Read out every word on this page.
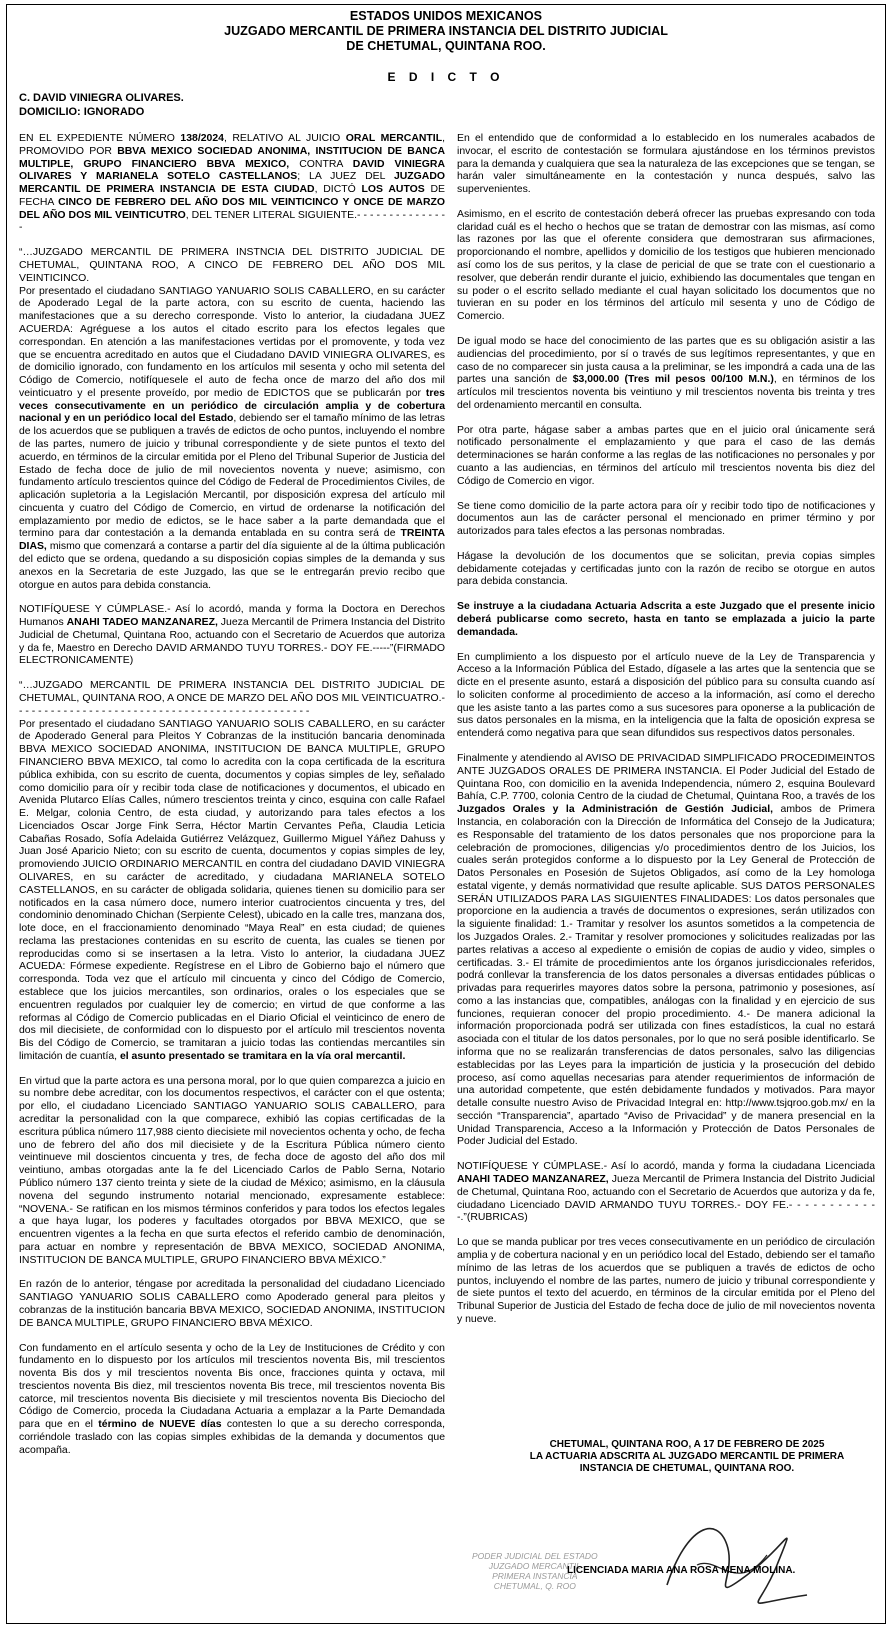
ESTADOS UNIDOS MEXICANOS
JUZGADO MERCANTIL DE PRIMERA INSTANCIA DEL DISTRITO JUDICIAL
DE CHETUMAL, QUINTANA ROO.
E D I C T O
C. DAVID VINIEGRA OLIVARES.
DOMICILIO: IGNORADO

EN EL EXPEDIENTE NÚMERO 138/2024, RELATIVO AL JUICIO ORAL MERCANTIL, PROMOVIDO POR BBVA MEXICO SOCIEDAD ANONIMA, INSTITUCION DE BANCA MULTIPLE, GRUPO FINANCIERO BBVA MEXICO, CONTRA DAVID VINIEGRA OLIVARES Y MARIANELA SOTELO CASTELLANOS; LA JUEZ DEL JUZGADO MERCANTIL DE PRIMERA INSTANCIA DE ESTA CIUDAD, DICTÓ LOS AUTOS DE FECHA CINCO DE FEBRERO DEL AÑO DOS MIL VEINTICINCO Y ONCE DE MARZO DEL AÑO DOS MIL VEINTICUTRO, DEL TENER LITERAL SIGUIENTE.- - - - - - - - - - - - - - -

“…JUZGADO MERCANTIL DE PRIMERA INSTNCIA DEL DISTRITO JUDICIAL DE CHETUMAL, QUINTANA ROO, A CINCO DE FEBRERO DEL AÑO DOS MIL VEINTICINCO.

Por presentado el ciudadano SANTIAGO YANUARIO SOLIS CABALLERO, en su carácter de Apoderado Legal de la parte actora, con su escrito de cuenta, haciendo las manifestaciones que a su derecho corresponde. Visto lo anterior, la ciudadana JUEZ ACUERDA: Agréguese a los autos el citado escrito para los efectos legales que correspondan. En atención a las manifestaciones vertidas por el promovente, y toda vez que se encuentra acreditado en autos que el Ciudadano DAVID VINIEGRA OLIVARES, es de domicilio ignorado, con fundamento en los artículos mil sesenta y ocho mil setenta del Código de Comercio, notifíquesele el auto de fecha once de marzo del año dos mil veinticuatro y el presente proveído, por medio de EDICTOS que se publicarán por tres veces consecutivamente en un periódico de circulación amplia y de cobertura nacional y en un periódico local del Estado, debiendo ser el tamaño mínimo de las letras de los acuerdos que se publiquen a través de edictos de ocho puntos, incluyendo el nombre de las partes, numero de juicio y tribunal correspondiente y de siete puntos el texto del acuerdo, en términos de la circular emitida por el Pleno del Tribunal Superior de Justicia del Estado de fecha doce de julio de mil novecientos noventa y nueve; asimismo, con fundamento artículo trescientos quince del Código de Federal de Procedimientos Civiles, de aplicación supletoria a la Legislación Mercantil, por disposición expresa del artículo mil cincuenta y cuatro del Código de Comercio, en virtud de ordenarse la notificación del emplazamiento por medio de edictos, se le hace saber a la parte demandada que el termino para dar contestación a la demanda entablada en su contra será de TREINTA DIAS, mismo que comenzará a contarse a partir del día siguiente al de la última publicación del edicto que se ordena, quedando a su disposición copias simples de la demanda y sus anexos en la Secretaria de este Juzgado, las que se le entregarán previo recibo que otorgue en autos para debida constancia.

NOTIFÍQUESE Y CÚMPLASE.- Así lo acordó, manda y forma la Doctora en Derechos Humanos ANAHI TADEO MANZANAREZ, Jueza Mercantil de Primera Instancia del Distrito Judicial de Chetumal, Quintana Roo, actuando con el Secretario de Acuerdos que autoriza y da fe, Maestro en Derecho DAVID ARMANDO TUYU TORRES.- DOY FE.-----”(FIRMADO ELECTRONICAMENTE)

“…JUZGADO MERCANTIL DE PRIMERA INSTANCIA DEL DISTRITO JUDICIAL DE CHETUMAL, QUINTANA ROO, A ONCE DE MARZO DEL AÑO DOS MIL VEINTICUATRO.- - - - - - - - - - - - - - - - - - - - - - - - - - - - - - - - - - - - - - - - - - - - - - -

Por presentado el ciudadano SANTIAGO YANUARIO SOLIS CABALLERO, en su carácter de Apoderado General para Pleitos Y Cobranzas de la institución bancaria denominada BBVA MEXICO SOCIEDAD ANONIMA, INSTITUCION DE BANCA MULTIPLE, GRUPO FINANCIERO BBVA MEXICO, tal como lo acredita con la copa certificada de la escritura pública exhibida, con su escrito de cuenta, documentos y copias simples de ley, señalado como domicilio para oír y recibir toda clase de notificaciones y documentos, el ubicado en Avenida Plutarco Elías Calles, número trescientos treinta y cinco, esquina con calle Rafael E. Melgar, colonia Centro, de esta ciudad, y autorizando para tales efectos a los Licenciados Oscar Jorge Fink Serra, Héctor Martin Cervantes Peña, Claudia Leticia Cabañas Rosado, Sofía Adelaida Gutiérrez Velázquez, Guillermo Miguel Yáñez Dahuss y Juan José Aparicio Nieto; con su escrito de cuenta, documentos y copias simples de ley, promoviendo JUICIO ORDINARIO MERCANTIL en contra del ciudadano DAVID VINIEGRA OLIVARES, en su carácter de acreditado, y ciudadana MARIANELA SOTELO CASTELLANOS, en su carácter de obligada solidaria, quienes tienen su domicilio para ser notificados en la casa número doce, numero interior cuatrocientos cincuenta y tres, del condominio denominado Chichan (Serpiente Celest), ubicado en la calle tres, manzana dos, lote doce, en el fraccionamiento denominado “Maya Real” en esta ciudad; de quienes reclama las prestaciones contenidas en su escrito de cuenta, las cuales se tienen por reproducidas como si se insertasen a la letra. Visto lo anterior, la ciudadana JUEZ ACUEDA: Fórmese expediente. Regístrese en el Libro de Gobierno bajo el número que corresponda. Toda vez que el artículo mil cincuenta y cinco del Código de Comercio, establece que los juicios mercantiles, son ordinarios, orales o los especiales que se encuentren regulados por cualquier ley de comercio; en virtud de que conforme a las reformas al Código de Comercio publicadas en el Diario Oficial el veinticinco de enero de dos mil diecisiete, de conformidad con lo dispuesto por el artículo mil trescientos noventa Bis del Código de Comercio, se tramitaran a juicio todas las contiendas mercantiles sin limitación de cuantía, el asunto presentado se tramitara en la vía oral mercantil.

En virtud que la parte actora es una persona moral, por lo que quien comparezca a juicio en su nombre debe acreditar, con los documentos respectivos, el carácter con el que ostenta; por ello, el ciudadano Licenciado SANTIAGO YANUARIO SOLIS CABALLERO, para acreditar la personalidad con la que comparece, exhibió las copias certificadas de la escritura pública número 117,988 ciento diecisiete mil novecientos ochenta y ocho, de fecha uno de febrero del año dos mil diecisiete y de la Escritura Pública número ciento veintinueve mil doscientos cincuenta y tres, de fecha doce de agosto del año dos mil veintiuno, ambas otorgadas ante la fe del Licenciado Carlos de Pablo Serna, Notario Público número 137 ciento treinta y siete de la ciudad de México; asimismo, en la cláusula novena del segundo instrumento notarial mencionado, expresamente establece: “NOVENA.- Se ratifican en los mismos términos conferidos y para todos los efectos legales a que haya lugar, los poderes y facultades otorgados por BBVA MEXICO, que se encuentren vigentes a la fecha en que surta efectos el referido cambio de denominación, para actuar en nombre y representación de BBVA MEXICO, SOCIEDAD ANONIMA, INSTITUCION DE BANCA MULTIPLE, GRUPO FINANCIERO BBVA MÉXICO.”

En razón de lo anterior, téngase por acreditada la personalidad del ciudadano Licenciado SANTIAGO YANUARIO SOLIS CABALLERO como Apoderado general para pleitos y cobranzas de la institución bancaria BBVA MEXICO, SOCIEDAD ANONIMA, INSTITUCION DE BANCA MULTIPLE, GRUPO FINANCIERO BBVA MÉXICO.

Con fundamento en el artículo sesenta y ocho de la Ley de Instituciones de Crédito y con fundamento en lo dispuesto por los artículos mil trescientos noventa Bis, mil trescientos noventa Bis dos y mil trescientos noventa Bis once, fracciones quinta y octava, mil trescientos noventa Bis diez, mil trescientos noventa Bis trece, mil trescientos noventa Bis catorce, mil trescientos noventa Bis diecisiete y mil trescientos noventa Bis Dieciocho del Código de Comercio, proceda la Ciudadana Actuaria a emplazar a la Parte Demandada para que en el término de NUEVE días contesten lo que a su derecho corresponda, corriéndole traslado con las copias simples exhibidas de la demanda y documentos que acompaña.

En el entendido que de conformidad a lo establecido en los numerales acabados de invocar, el escrito de contestación se formulara ajustándose en los términos previstos para la demanda y cualquiera que sea la naturaleza de las excepciones que se tengan, se harán valer simultáneamente en la contestación y nunca después, salvo las supervenientes.

Asimismo, en el escrito de contestación deberá ofrecer las pruebas expresando con toda claridad cuál es el hecho o hechos que se tratan de demostrar con las mismas, así como las razones por las que el oferente considera que demostraran sus afirmaciones, proporcionando el nombre, apellidos y domicilio de los testigos que hubieren mencionado así como los de sus peritos, y la clase de pericial de que se trate con el cuestionario a resolver, que deberán rendir durante el juicio, exhibiendo las documentales que tengan en su poder o el escrito sellado mediante el cual hayan solicitado los documentos que no tuvieran en su poder en los términos del artículo mil sesenta y uno de Código de Comercio.

De igual modo se hace del conocimiento de las partes que es su obligación asistir a las audiencias del procedimiento, por sí o través de sus legítimos representantes, y que en caso de no comparecer sin justa causa a la preliminar, se les impondrá a cada una de las partes una sanción de $3,000.00 (Tres mil pesos 00/100 M.N.), en términos de los artículos mil trescientos noventa bis veintiuno y mil trescientos noventa bis treinta y tres del ordenamiento mercantil en consulta.

Por otra parte, hágase saber a ambas partes que en el juicio oral únicamente será notificado personalmente el emplazamiento y que para el caso de las demás determinaciones se harán conforme a las reglas de las notificaciones no personales y por cuanto a las audiencias, en términos del artículo mil trescientos noventa bis diez del Código de Comercio en vigor.

Se tiene como domicilio de la parte actora para oír y recibir todo tipo de notificaciones y documentos aun las de carácter personal el mencionado en primer término y por autorizados para tales efectos a las personas nombradas.

Hágase la devolución de los documentos que se solicitan, previa copias simples debidamente cotejadas y certificadas junto con la razón de recibo se otorgue en autos para debida constancia.

Se instruye a la ciudadana Actuaria Adscrita a este Juzgado que el presente inicio deberá publicarse como secreto, hasta en tanto se emplazada a juicio la parte demandada.

En cumplimiento a los dispuesto por el artículo nueve de la Ley de Transparencia y Acceso a la Información Pública del Estado, dígasele a las artes que la sentencia que se dicte en el presente asunto, estará a disposición del público para su consulta cuando así lo soliciten conforme al procedimiento de acceso a la información, así como el derecho que les asiste tanto a las partes como a sus sucesores para oponerse a la publicación de sus datos personales en la misma, en la inteligencia que la falta de oposición expresa se entenderá como negativa para que sean difundidos sus respectivos datos personales.

Finalmente y atendiendo al AVISO DE PRIVACIDAD SIMPLIFICADO PROCEDIMEINTOS ANTE JUZGADOS ORALES DE PRIMERA INSTANCIA. El Poder Judicial del Estado de Quintana Roo, con domicilio en la avenida Independencia, número 2, esquina Boulevard Bahía, C.P. 7700, colonia Centro de la ciudad de Chetumal, Quintana Roo, a través de los Juzgados Orales y la Administración de Gestión Judicial, ambos de Primera Instancia, en colaboración con la Dirección de Informática del Consejo de la Judicatura; es Responsable del tratamiento de los datos personales que nos proporcione para la celebración de promociones, diligencias y/o procedimientos dentro de los Juicios, los cuales serán protegidos conforme a lo dispuesto por la Ley General de Protección de Datos Personales en Posesión de Sujetos Obligados, así como de la Ley homologa estatal vigente, y demás normatividad que resulte aplicable. SUS DATOS PERSONALES SERÁN UTILIZADOS PARA LAS SIGUIENTES FINALIDADES: Los datos personales que proporcione en la audiencia a través de documentos o expresiones, serán utilizados con la siguiente finalidad: 1.- Tramitar y resolver los asuntos sometidos a la competencia de los Juzgados Orales. 2.- Tramitar y resolver promociones y solicitudes realizadas por las partes relativas a acceso al expediente o emisión de copias de audio y video, simples o certificadas. 3.- El trámite de procedimientos ante los órganos jurisdiccionales referidos, podrá conllevar la transferencia de los datos personales a diversas entidades públicas o privadas para requerirles mayores datos sobre la persona, patrimonio y posesiones, así como a las instancias que, compatibles, análogas con la finalidad y en ejercicio de sus funciones, requieran conocer del propio procedimiento. 4.- De manera adicional la información proporcionada podrá ser utilizada con fines estadísticos, la cual no estará asociada con el titular de los datos personales, por lo que no será posible identificarlo. Se informa que no se realizarán transferencias de datos personales, salvo las diligencias establecidas por las Leyes para la impartición de justicia y la prosecución del debido proceso, así como aquellas necesarias para atender requerimientos de información de una autoridad competente, que estén debidamente fundados y motivados. Para mayor detalle consulte nuestro Aviso de Privacidad Integral en: http://www.tsjqroo.gob.mx/ en la sección “Transparencia”, apartado “Aviso de Privacidad” y de manera presencial en la Unidad Transparencia, Acceso a la Información y Protección de Datos Personales de Poder Judicial del Estado.

NOTIFÍQUESE Y CÚMPLASE.- Así lo acordó, manda y forma la ciudadana Licenciada ANAHI TADEO MANZANAREZ, Jueza Mercantil de Primera Instancia del Distrito Judicial de Chetumal, Quintana Roo, actuando con el Secretario de Acuerdos que autoriza y da fe, ciudadano Licenciado DAVID ARMANDO TUYU TORRES.- DOY FE.- - - - - - - - - - - -.”(RUBRICAS)

Lo que se manda publicar por tres veces consecutivamente en un periódico de circulación amplia y de cobertura nacional y en un periódico local del Estado, debiendo ser el tamaño mínimo de las letras de los acuerdos que se publiquen a través de edictos de ocho puntos, incluyendo el nombre de las partes, numero de juicio y tribunal correspondiente y de siete puntos el texto del acuerdo, en términos de la circular emitida por el Pleno del Tribunal Superior de Justicia del Estado de fecha doce de julio de mil novecientos noventa y nueve.

CHETUMAL, QUINTANA ROO, A 17 DE FEBRERO DE 2025
LA ACTUARIA ADSCRITA AL JUZGADO MERCANTIL DE PRIMERA
INSTANCIA DE CHETUMAL, QUINTANA ROO.
PODER JUDICIAL DEL ESTADO
JUZGADO MERCANTIL
PRIMERA INSTANCIA
CHETUMAL, Q. ROO
LICENCIADA MARIA ANA ROSA MENA MOLINA.
